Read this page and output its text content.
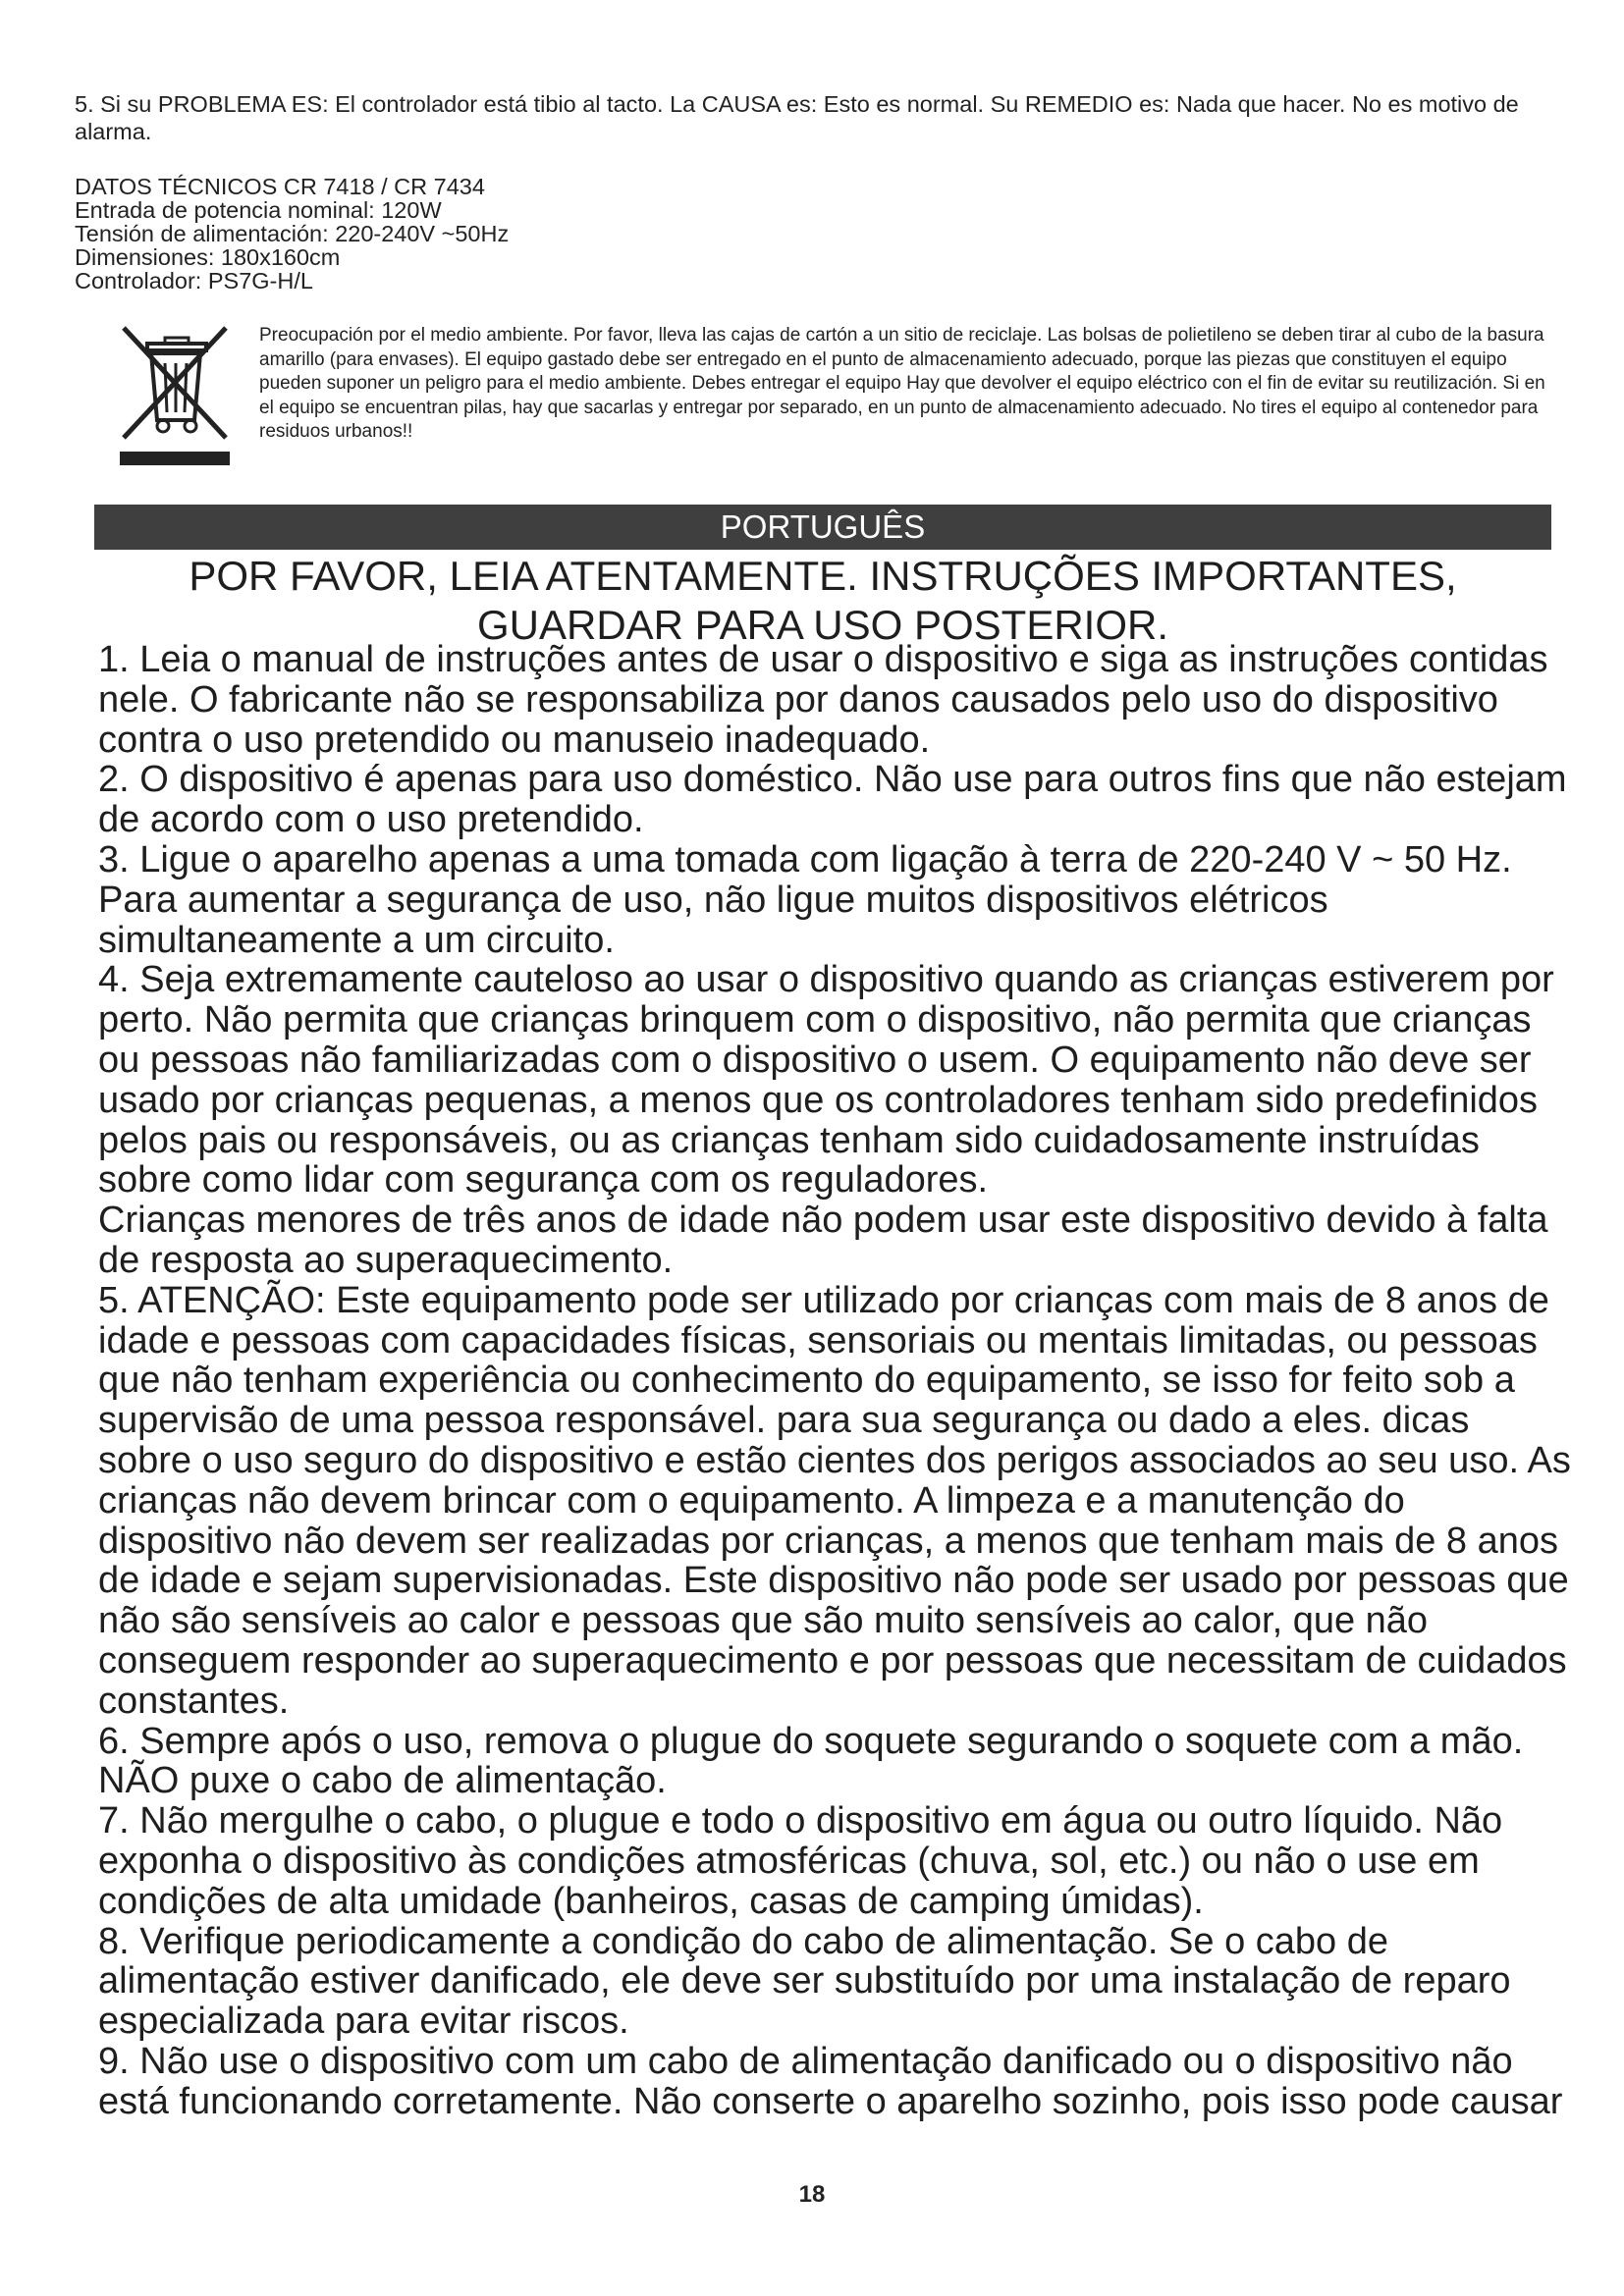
5. Si su PROBLEMA ES: El controlador está tibio al tacto. La CAUSA es: Esto es normal. Su REMEDIO es: Nada que hacer. No es motivo de alarma.

DATOS TÉCNICOS CR 7418 / CR 7434
Entrada de potencia nominal: 120W
Tensión de alimentación: 220-240V ~50Hz
Dimensiones: 180x160cm
Controlador: PS7G-H/L

Preocupación por el medio ambiente. Por favor, lleva las cajas de cartón a un sitio de reciclaje. Las bolsas de polietileno se deben tirar al cubo de la basura amarillo (para envases). El equipo gastado debe ser entregado en el punto de almacenamiento adecuado, porque las piezas que constituyen el equipo pueden suponer un peligro para el medio ambiente. Debes entregar el equipo Hay que devolver el equipo eléctrico con el fin de evitar su reutilización. Si en el equipo se encuentran pilas, hay que sacarlas y entregar por separado, en un punto de almacenamiento adecuado. No tires el equipo al contenedor para residuos urbanos!!

PORTUGUÊS
POR FAVOR, LEIA ATENTAMENTE. INSTRUÇÕES IMPORTANTES, GUARDAR PARA USO POSTERIOR.

1. Leia o manual de instruções antes de usar o dispositivo e siga as instruções contidas nele. O fabricante não se responsabiliza por danos causados pelo uso do dispositivo contra o uso pretendido ou manuseio inadequado.

2. O dispositivo é apenas para uso doméstico. Não use para outros fins que não estejam de acordo com o uso pretendido.

3. Ligue o aparelho apenas a uma tomada com ligação à terra de 220-240 V ~ 50 Hz. Para aumentar a segurança de uso, não ligue muitos dispositivos elétricos simultaneamente a um circuito.

4. Seja extremamente cauteloso ao usar o dispositivo quando as crianças estiverem por perto. Não permita que crianças brinquem com o dispositivo, não permita que crianças ou pessoas não familiarizadas com o dispositivo o usem. O equipamento não deve ser usado por crianças pequenas, a menos que os controladores tenham sido predefinidos pelos pais ou responsáveis, ou as crianças tenham sido cuidadosamente instruídas sobre como lidar com segurança com os reguladores.

Crianças menores de três anos de idade não podem usar este dispositivo devido à falta de resposta ao superaquecimento.

5. ATENÇÃO: Este equipamento pode ser utilizado por crianças com mais de 8 anos de idade e pessoas com capacidades físicas, sensoriais ou mentais limitadas, ou pessoas que não tenham experiência ou conhecimento do equipamento, se isso for feito sob a supervisão de uma pessoa responsável. para sua segurança ou dado a eles. dicas sobre o uso seguro do dispositivo e estão cientes dos perigos associados ao seu uso. As crianças não devem brincar com o equipamento. A limpeza e a manutenção do dispositivo não devem ser realizadas por crianças, a menos que tenham mais de 8 anos de idade e sejam supervisionadas. Este dispositivo não pode ser usado por pessoas que não são sensíveis ao calor e pessoas que são muito sensíveis ao calor, que não conseguem responder ao superaquecimento e por pessoas que necessitam de cuidados constantes.

6. Sempre após o uso, remova o plugue do soquete segurando o soquete com a mão. NÃO puxe o cabo de alimentação.

7. Não mergulhe o cabo, o plugue e todo o dispositivo em água ou outro líquido. Não exponha o dispositivo às condições atmosféricas (chuva, sol, etc.) ou não o use em condições de alta umidade (banheiros, casas de camping úmidas).

8. Verifique periodicamente a condição do cabo de alimentação. Se o cabo de alimentação estiver danificado, ele deve ser substituído por uma instalação de reparo especializada para evitar riscos.

9. Não use o dispositivo com um cabo de alimentação danificado ou o dispositivo não está funcionando corretamente. Não conserte o aparelho sozinho, pois isso pode causar

18
